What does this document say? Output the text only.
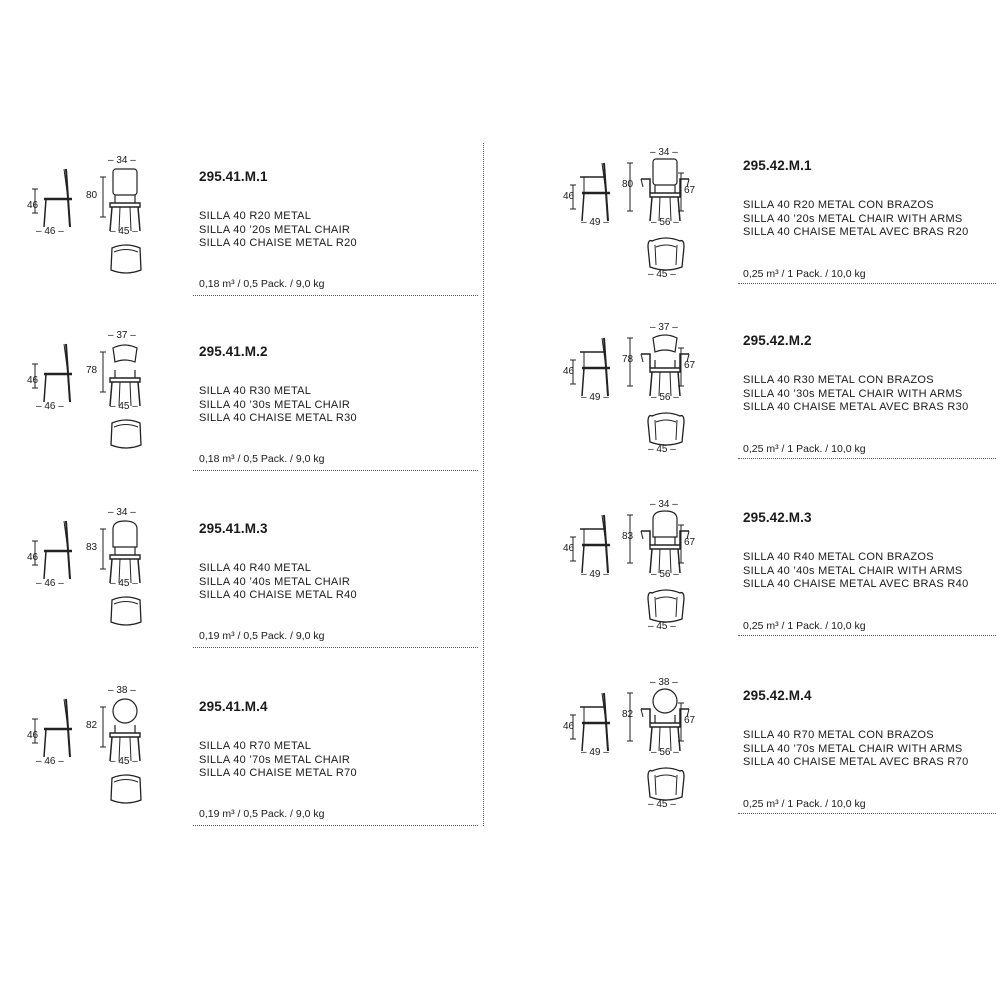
46
80
– 46 –
– 34 –
– 45 –
295.41.M.1
SILLA 40 R20 METAL
SILLA 40 ’20s METAL CHAIR
SILLA 40 CHAISE METAL R20
0,18 m³ / 0,5 Pack. / 9,0 kg
46
78
– 46 –
– 37 –
– 45 –
295.41.M.2
SILLA 40 R30 METAL
SILLA 40 ’30s METAL CHAIR
SILLA 40 CHAISE METAL R30
0,18 m³ / 0,5 Pack. / 9,0 kg
46
83
– 46 –
– 34 –
– 45 –
295.41.M.3
SILLA 40 R40 METAL
SILLA 40 ’40s METAL CHAIR
SILLA 40 CHAISE METAL R40
0,19 m³ / 0,5 Pack. / 9,0 kg
46
82
– 46 –
– 38 –
– 45 –
295.41.M.4
SILLA 40 R70 METAL
SILLA 40 ’70s METAL CHAIR
SILLA 40 CHAISE METAL R70
0,19 m³ / 0,5 Pack. / 9,0 kg
46
80
– 49 –
– 34 –
67
– 56 –
– 45 –
295.42.M.1
SILLA 40 R20 METAL CON BRAZOS
SILLA 40 ’20s METAL CHAIR WITH ARMS
SILLA 40 CHAISE METAL AVEC BRAS R20
0,25 m³ / 1 Pack. / 10,0 kg
46
78
– 49 –
– 37 –
67
– 56 –
– 45 –
295.42.M.2
SILLA 40 R30 METAL CON BRAZOS
SILLA 40 ’30s METAL CHAIR WITH ARMS
SILLA 40 CHAISE METAL AVEC BRAS R30
0,25 m³ / 1 Pack. / 10,0 kg
46
83
– 49 –
– 34 –
67
– 56 –
– 45 –
295.42.M.3
SILLA 40 R40 METAL CON BRAZOS
SILLA 40 ’40s METAL CHAIR WITH ARMS
SILLA 40 CHAISE METAL AVEC BRAS R40
0,25 m³ / 1 Pack. / 10,0 kg
46
82
– 49 –
– 38 –
67
– 56 –
– 45 –
295.42.M.4
SILLA 40 R70 METAL CON BRAZOS
SILLA 40 ’70s METAL CHAIR WITH ARMS
SILLA 40 CHAISE METAL AVEC BRAS R70
0,25 m³ / 1 Pack. / 10,0 kg
